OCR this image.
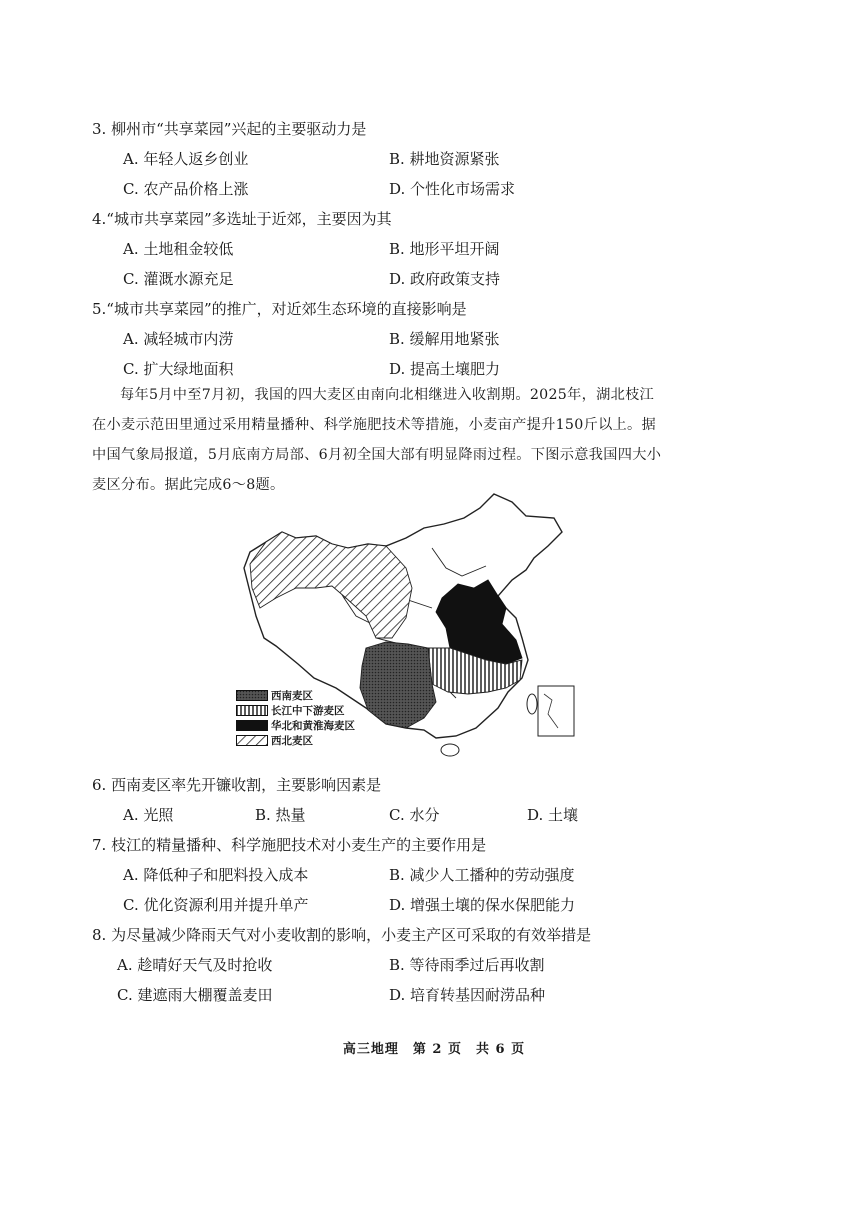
3. 柳州市“共享菜园”兴起的主要驱动力是
A. 年轻人返乡创业	B. 耕地资源紧张
C. 农产品价格上涨	D. 个性化市场需求
4.“城市共享菜园”多选址于近郊，主要因为其
A. 土地租金较低	B. 地形平坦开阔
C. 灌溉水源充足	D. 政府政策支持
5.“城市共享菜园”的推广，对近郊生态环境的直接影响是
A. 减轻城市内涝	B. 缓解用地紧张
C. 扩大绿地面积	D. 提高土壤肥力
每年5月中至7月初，我国的四大麦区由南向北相继进入收割期。2025年，湖北枝江
在小麦示范田里通过采用精量播种、科学施肥技术等措施，小麦亩产提升150斤以上。据
中国气象局报道，5月底南方局部、6月初全国大部有明显降雨过程。下图示意我国四大小
麦区分布。据此完成6～8题。
西南麦区
长江中下游麦区
华北和黄淮海麦区
西北麦区
6. 西南麦区率先开镰收割，主要影响因素是
A. 光照	B. 热量	C. 水分	D. 土壤
7. 枝江的精量播种、科学施肥技术对小麦生产的主要作用是
A. 降低种子和肥料投入成本	B. 减少人工播种的劳动强度
C. 优化资源利用并提升单产	D. 增强土壤的保水保肥能力
8. 为尽量减少降雨天气对小麦收割的影响，小麦主产区可采取的有效举措是
A. 趁晴好天气及时抢收	B. 等待雨季过后再收割
C. 建遮雨大棚覆盖麦田	D. 培育转基因耐涝品种
高三地理　第 2 页　共 6 页
